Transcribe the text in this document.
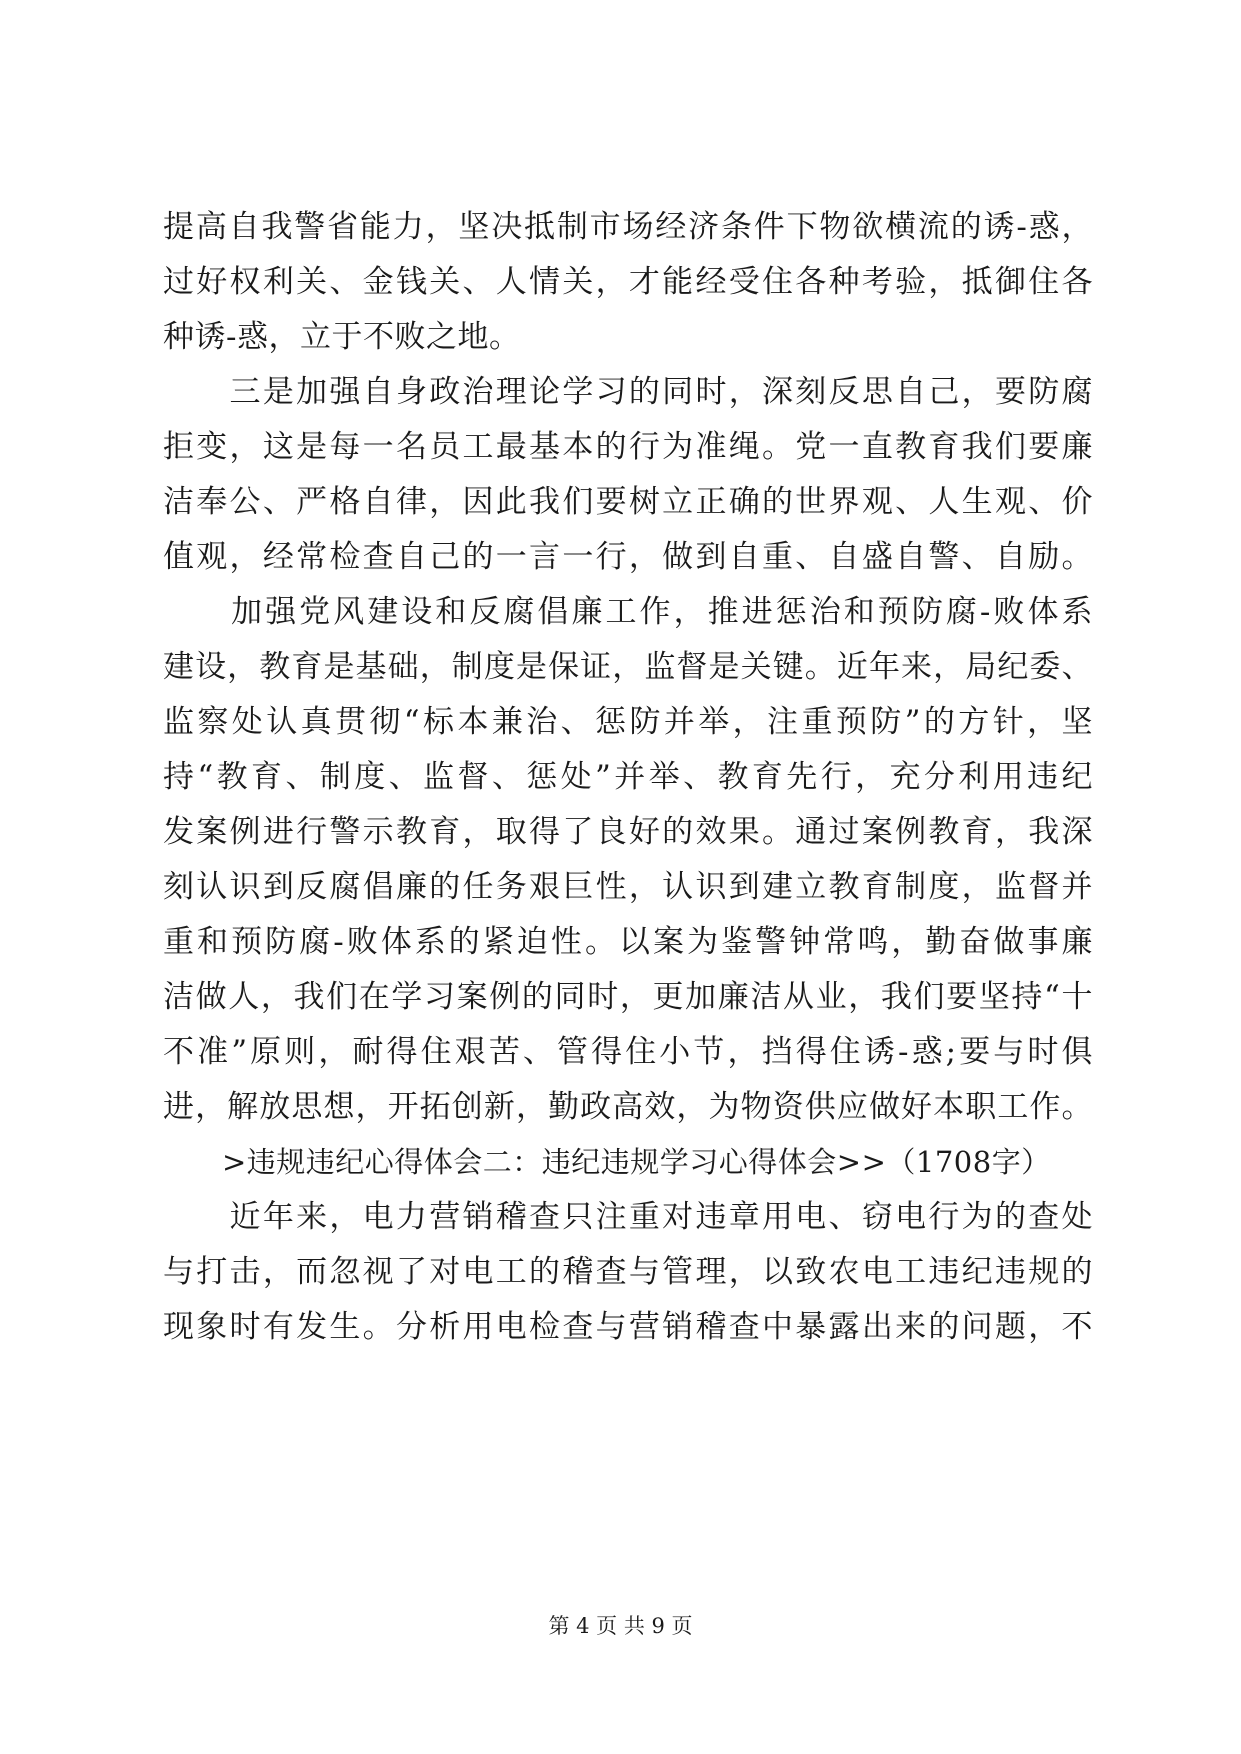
提高自我警省能力，坚决抵制市场经济条件下物欲横流的诱-惑，
过好权利关、金钱关、人情关，才能经受住各种考验，抵御住各
种诱-惑，立于不败之地。
　　三是加强自身政治理论学习的同时，深刻反思自己，要防腐
拒变，这是每一名员工最基本的行为准绳。党一直教育我们要廉
洁奉公、严格自律，因此我们要树立正确的世界观、人生观、价
值观，经常检查自己的一言一行，做到自重、自盛自警、自励。
　　加强党风建设和反腐倡廉工作，推进惩治和预防腐-败体系
建设，教育是基础，制度是保证，监督是关键。近年来，局纪委、
监察处认真贯彻“标本兼治、惩防并举，注重预防”的方针，坚
持“教育、制度、监督、惩处”并举、教育先行，充分利用违纪
发案例进行警示教育，取得了良好的效果。通过案例教育，我深
刻认识到反腐倡廉的任务艰巨性，认识到建立教育制度，监督并
重和预防腐-败体系的紧迫性。以案为鉴警钟常鸣，勤奋做事廉
洁做人，我们在学习案例的同时，更加廉洁从业，我们要坚持“十
不准”原则，耐得住艰苦、管得住小节，挡得住诱-惑;要与时俱
进，解放思想，开拓创新，勤政高效，为物资供应做好本职工作。
　　>违规违纪心得体会二：违纪违规学习心得体会>>（1708字）
　　近年来，电力营销稽查只注重对违章用电、窃电行为的查处
与打击，而忽视了对电工的稽查与管理，以致农电工违纪违规的
现象时有发生。分析用电检查与营销稽查中暴露出来的问题，不
第 4 页 共 9 页
